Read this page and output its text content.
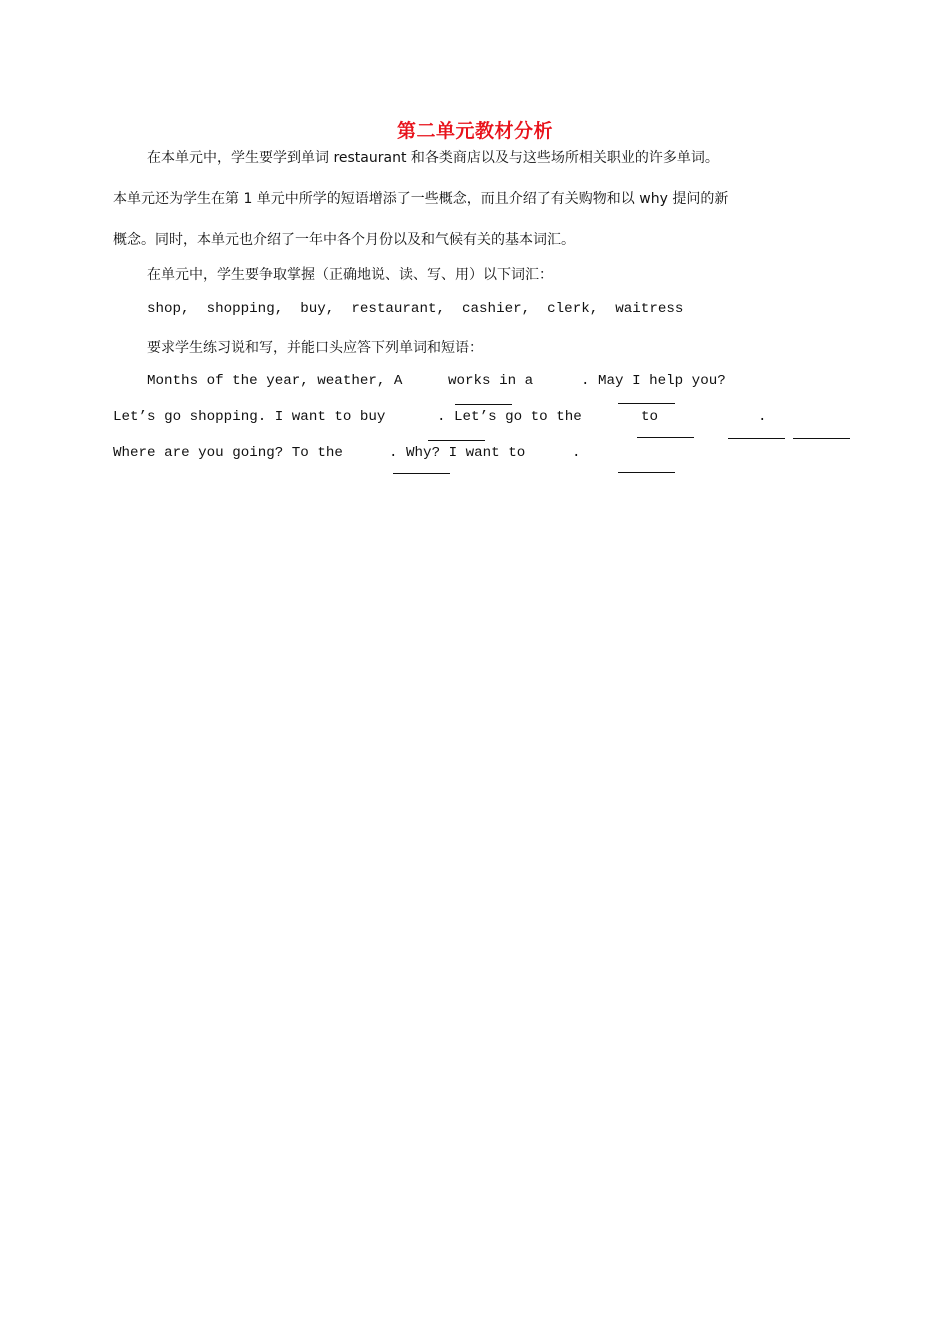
第二单元教材分析
在本单元中，学生要学到单词 restaurant 和各类商店以及与这些场所相关职业的许多单词。
本单元还为学生在第 1 单元中所学的短语增添了一些概念，而且介绍了有关购物和以 why 提问的新
概念。同时，本单元也介绍了一年中各个月份以及和气候有关的基本词汇。
在单元中，学生要争取掌握（正确地说、读、写、用）以下词汇：
shop,  shopping,  buy,  restaurant,  cashier,  clerk,  waitress
要求学生练习说和写，并能口头应答下列单词和短语：
Months of the year, weather, A	works in a	. May I help you?
Let’s go shopping. I want to buy	. Let’s go to the	to	.
Where are you going? To the	. Why? I want to	.
